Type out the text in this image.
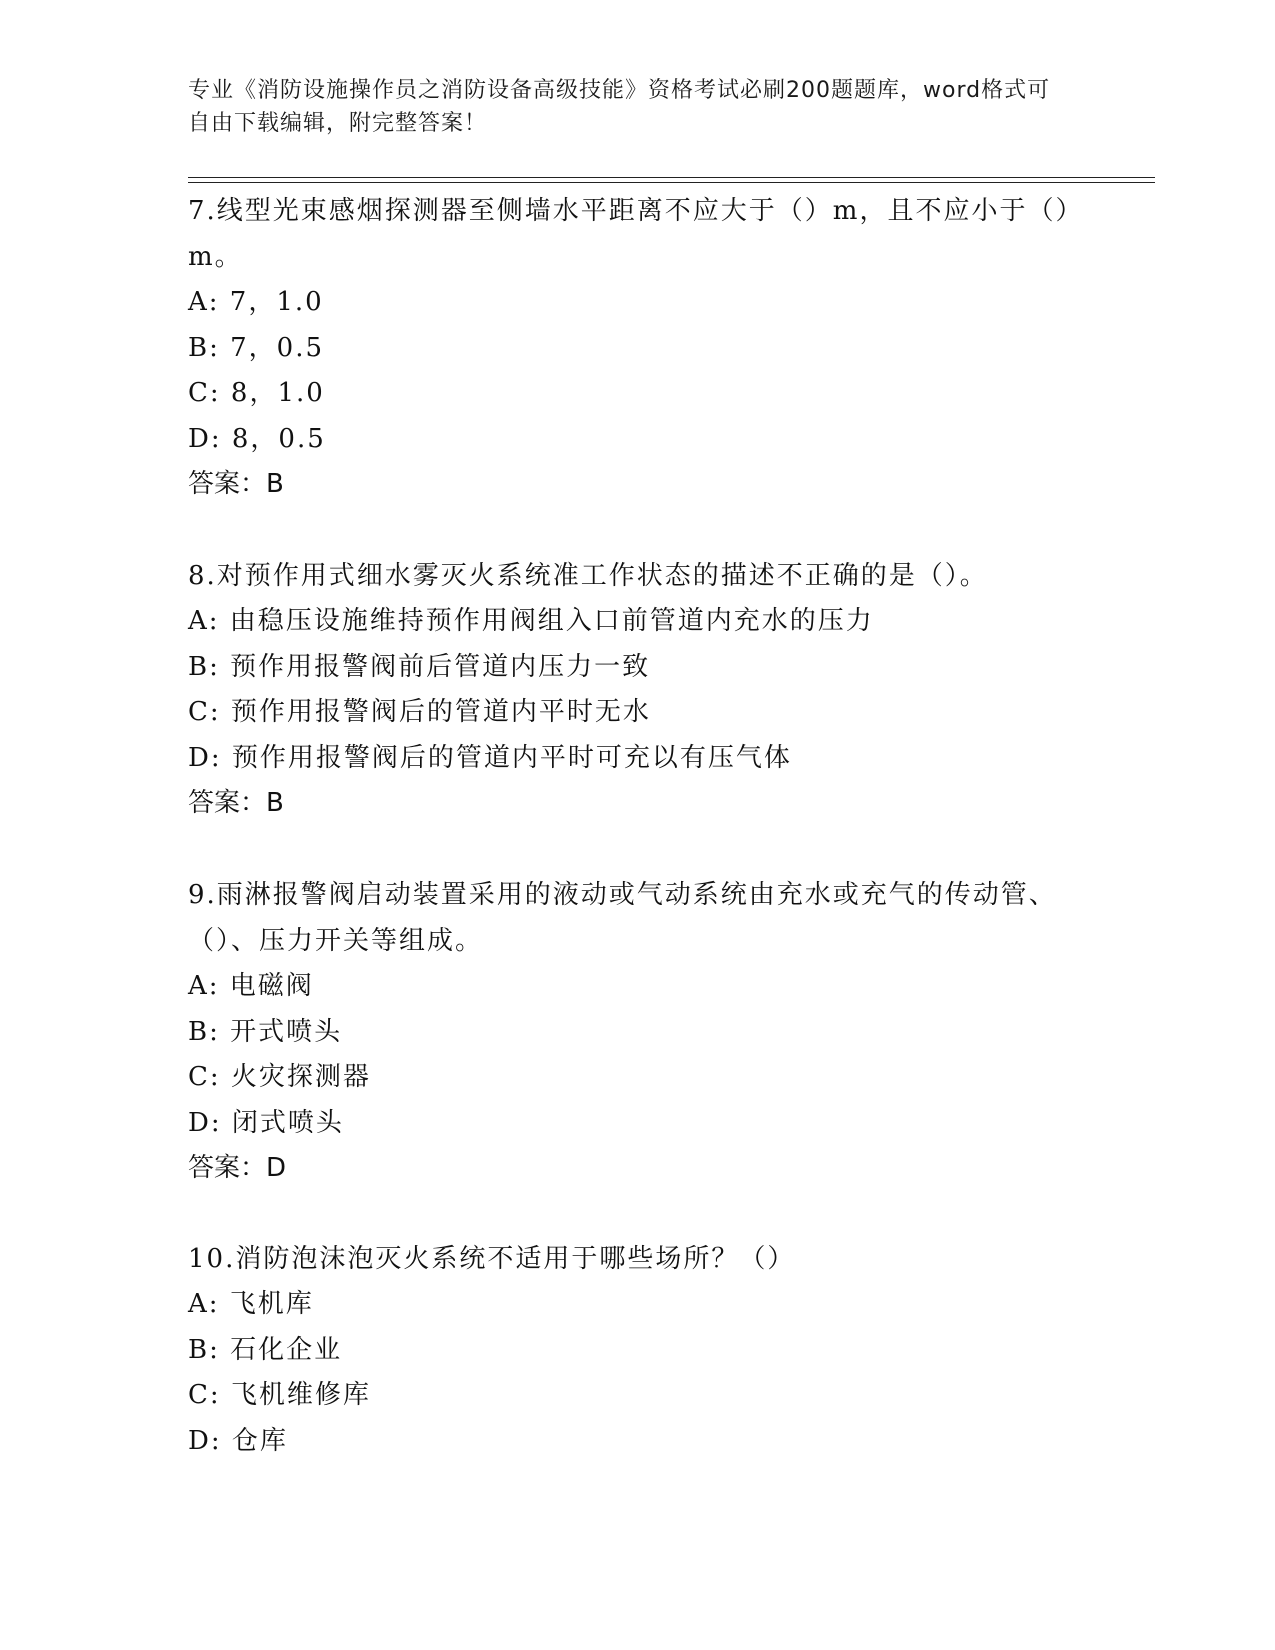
专业《消防设施操作员之消防设备高级技能》资格考试必刷200题题库，word格式可自由下载编辑，附完整答案！

7.线型光束感烟探测器至侧墙水平距离不应大于（）m，且不应小于（）m。

A: 7，1.0

B: 7，0.5

C: 8，1.0

D: 8，0.5

答案：B

8.对预作用式细水雾灭火系统准工作状态的描述不正确的是（）。

A: 由稳压设施维持预作用阀组入口前管道内充水的压力

B: 预作用报警阀前后管道内压力一致

C: 预作用报警阀后的管道内平时无水

D: 预作用报警阀后的管道内平时可充以有压气体

答案：B

9.雨淋报警阀启动装置采用的液动或气动系统由充水或充气的传动管、（）、压力开关等组成。

A: 电磁阀

B: 开式喷头

C: 火灾探测器

D: 闭式喷头

答案：D

10.消防泡沫泡灭火系统不适用于哪些场所？（）

A: 飞机库

B: 石化企业

C: 飞机维修库

D: 仓库
